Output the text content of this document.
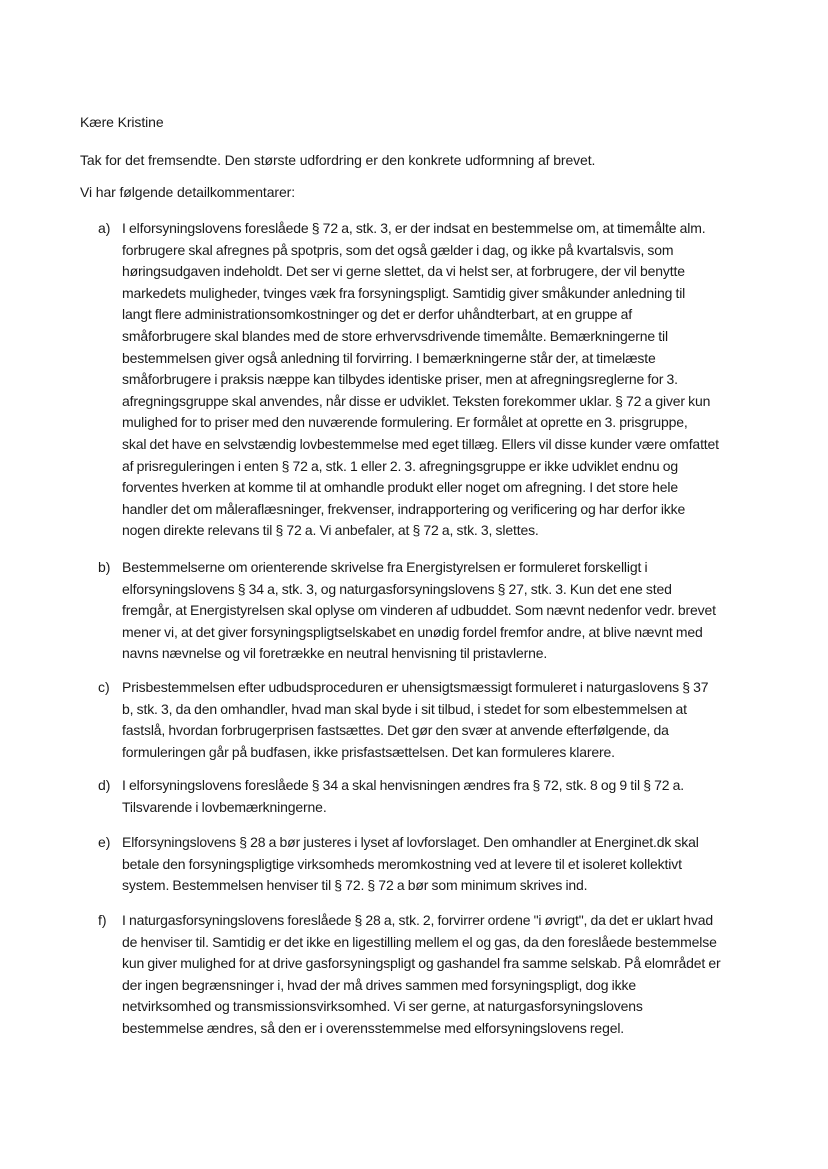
Kære Kristine
Tak for det fremsendte. Den største udfordring er den konkrete udformning af brevet.
Vi har følgende detailkommentarer:
a) I elforsyningslovens foreslåede § 72 a, stk. 3, er der indsat en bestemmelse om, at timemålte alm.
forbrugere skal afregnes på spotpris, som det også gælder i dag, og ikke på kvartalsvis, som
høringsudgaven indeholdt. Det ser vi gerne slettet, da vi helst ser, at forbrugere, der vil benytte
markedets muligheder, tvinges væk fra forsyningspligt. Samtidig giver småkunder anledning til
langt flere administrationsomkostninger og det er derfor uhåndterbart, at en gruppe af
småforbrugere skal blandes med de store erhvervsdrivende timemålte. Bemærkningerne til
bestemmelsen giver også anledning til forvirring. I bemærkningerne står der, at timelæste
småforbrugere i praksis næppe kan tilbydes identiske priser, men at afregningsreglerne for 3.
afregningsgruppe skal anvendes, når disse er udviklet. Teksten forekommer uklar. § 72 a giver kun
mulighed for to priser med den nuværende formulering. Er formålet at oprette en 3. prisgruppe,
skal det have en selvstændig lovbestemmelse med eget tillæg. Ellers vil disse kunder være omfattet
af prisreguleringen i enten § 72 a, stk. 1 eller 2. 3. afregningsgruppe er ikke udviklet endnu og
forventes hverken at komme til at omhandle produkt eller noget om afregning. I det store hele
handler det om måleraflæsninger, frekvenser, indrapportering og verificering og har derfor ikke
nogen direkte relevans til § 72 a. Vi anbefaler, at § 72 a, stk. 3, slettes.
b) Bestemmelserne om orienterende skrivelse fra Energistyrelsen er formuleret forskelligt i
elforsyningslovens § 34 a, stk. 3, og naturgasforsyningslovens § 27, stk. 3. Kun det ene sted
fremgår, at Energistyrelsen skal oplyse om vinderen af udbuddet. Som nævnt nedenfor vedr. brevet
mener vi, at det giver forsyningspligtselskabet en unødig fordel fremfor andre, at blive nævnt med
navns nævnelse og vil foretrække en neutral henvisning til pristavlerne.
c) Prisbestemmelsen efter udbudsproceduren er uhensigtsmæssigt formuleret i naturgaslovens § 37
b, stk. 3, da den omhandler, hvad man skal byde i sit tilbud, i stedet for som elbestemmelsen at
fastslå, hvordan forbrugerprisen fastsættes. Det gør den svær at anvende efterfølgende, da
formuleringen går på budfasen, ikke prisfastsættelsen. Det kan formuleres klarere.
d) I elforsyningslovens foreslåede § 34 a skal henvisningen ændres fra § 72, stk. 8 og 9 til § 72 a.
Tilsvarende i lovbemærkningerne.
e) Elforsyningslovens § 28 a bør justeres i lyset af lovforslaget. Den omhandler at Energinet.dk skal
betale den forsyningspligtige virksomheds meromkostning ved at levere til et isoleret kollektivt
system. Bestemmelsen henviser til § 72. § 72 a bør som minimum skrives ind.
f) I naturgasforsyningslovens foreslåede § 28 a, stk. 2, forvirrer ordene "i øvrigt", da det er uklart hvad
de henviser til. Samtidig er det ikke en ligestilling mellem el og gas, da den foreslåede bestemmelse
kun giver mulighed for at drive gasforsyningspligt og gashandel fra samme selskab. På elområdet er
der ingen begrænsninger i, hvad der må drives sammen med forsyningspligt, dog ikke
netvirksomhed og transmissionsvirksomhed. Vi ser gerne, at naturgasforsyningslovens
bestemmelse ændres, så den er i overensstemmelse med elforsyningslovens regel.
